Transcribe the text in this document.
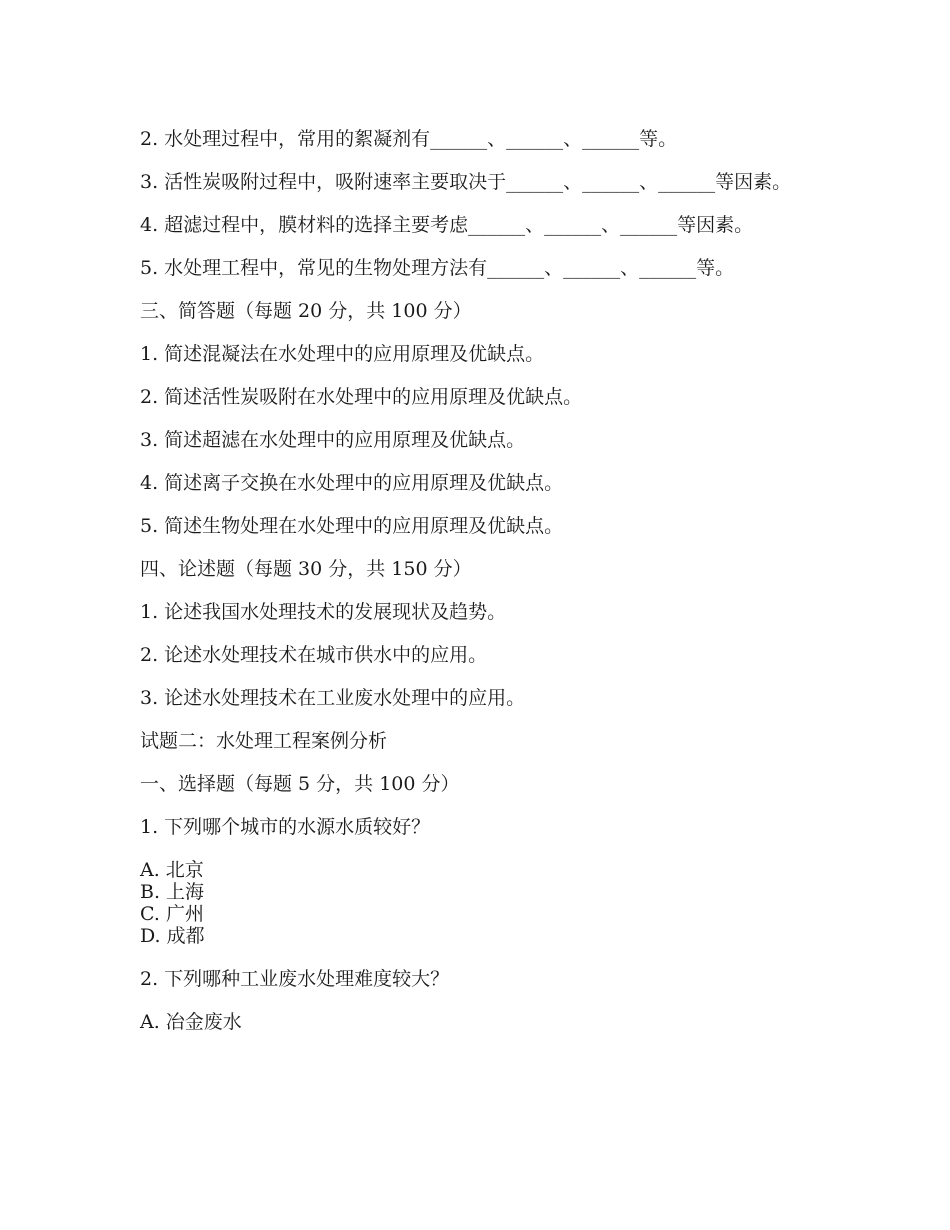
2. 水处理过程中，常用的絮凝剂有______、______、______等。

3. 活性炭吸附过程中，吸附速率主要取决于______、______、______等因素。

4. 超滤过程中，膜材料的选择主要考虑______、______、______等因素。

5. 水处理工程中，常见的生物处理方法有______、______、______等。

三、简答题（每题 20 分，共 100 分）

1. 简述混凝法在水处理中的应用原理及优缺点。

2. 简述活性炭吸附在水处理中的应用原理及优缺点。

3. 简述超滤在水处理中的应用原理及优缺点。

4. 简述离子交换在水处理中的应用原理及优缺点。

5. 简述生物处理在水处理中的应用原理及优缺点。

四、论述题（每题 30 分，共 150 分）

1. 论述我国水处理技术的发展现状及趋势。

2. 论述水处理技术在城市供水中的应用。

3. 论述水处理技术在工业废水处理中的应用。

试题二：水处理工程案例分析

一、选择题（每题 5 分，共 100 分）

1. 下列哪个城市的水源水质较好？

A. 北京

B. 上海

C. 广州

D. 成都

2. 下列哪种工业废水处理难度较大？

A. 冶金废水
